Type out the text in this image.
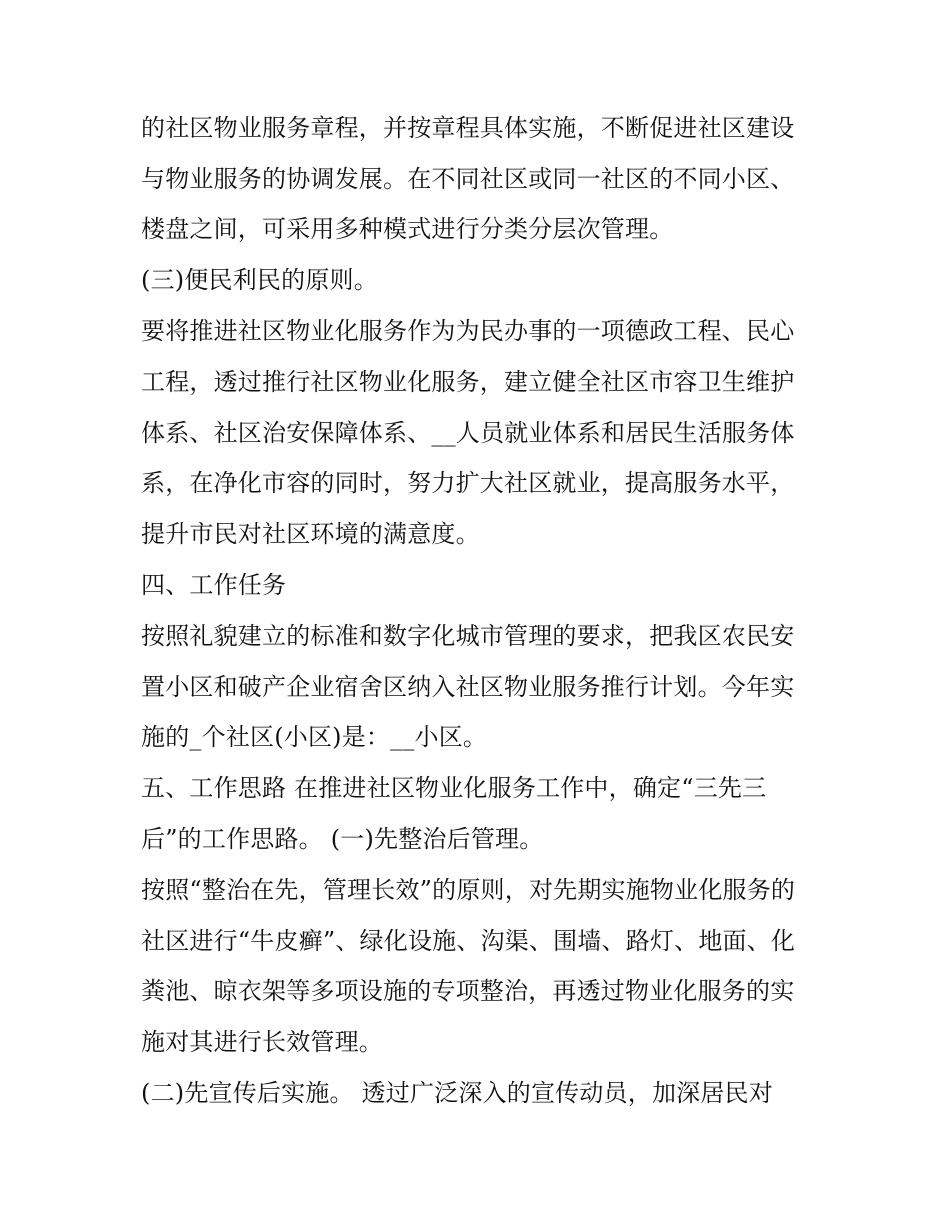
的社区物业服务章程，并按章程具体实施，不断促进社区建设
与物业服务的协调发展。在不同社区或同一社区的不同小区、
楼盘之间，可采用多种模式进行分类分层次管理。
(三)便民利民的原则。
要将推进社区物业化服务作为为民办事的一项德政工程、民心
工程，透过推行社区物业化服务，建立健全社区市容卫生维护
体系、社区治安保障体系、__人员就业体系和居民生活服务体
系，在净化市容的同时，努力扩大社区就业，提高服务水平，
提升市民对社区环境的满意度。
四、工作任务
按照礼貌建立的标准和数字化城市管理的要求，把我区农民安
置小区和破产企业宿舍区纳入社区物业服务推行计划。今年实
施的_个社区(小区)是：__小区。
五、工作思路 在推进社区物业化服务工作中，确定“三先三
后”的工作思路。 (一)先整治后管理。
按照“整治在先，管理长效”的原则，对先期实施物业化服务的
社区进行“牛皮癣”、绿化设施、沟渠、围墙、路灯、地面、化
粪池、晾衣架等多项设施的专项整治，再透过物业化服务的实
施对其进行长效管理。
(二)先宣传后实施。 透过广泛深入的宣传动员，加深居民对
